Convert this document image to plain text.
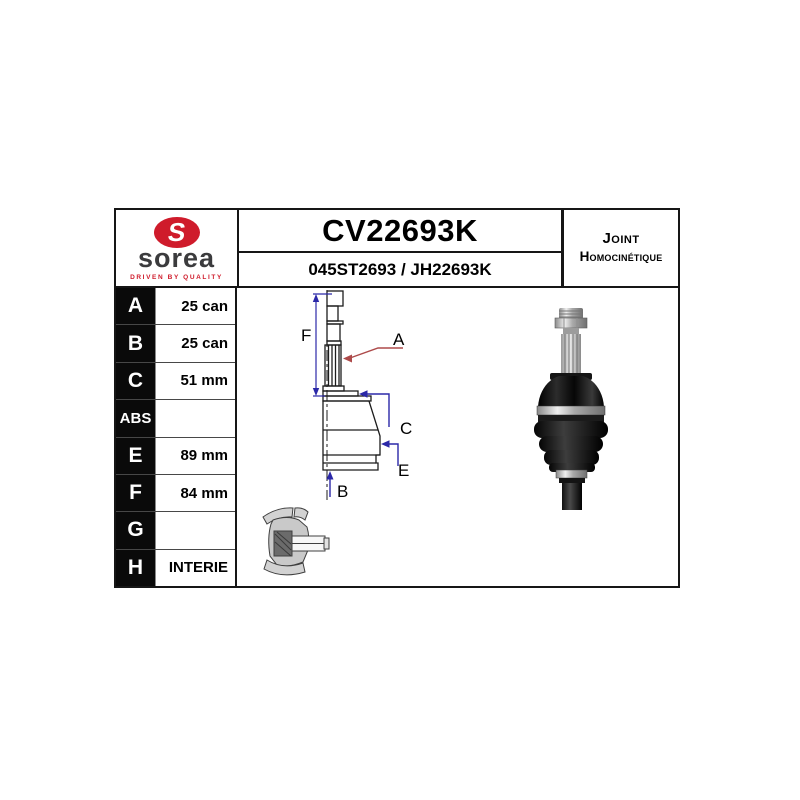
S
sorea
DRIVEN BY QUALITY
CV22693K
045ST2693 / JH22693K
Joint
Homocinétique
A	25 can
B	25 can
C	51 mm
ABS
E	89 mm
F	84 mm
G
H	INTERIE
F	A
C
E
B
